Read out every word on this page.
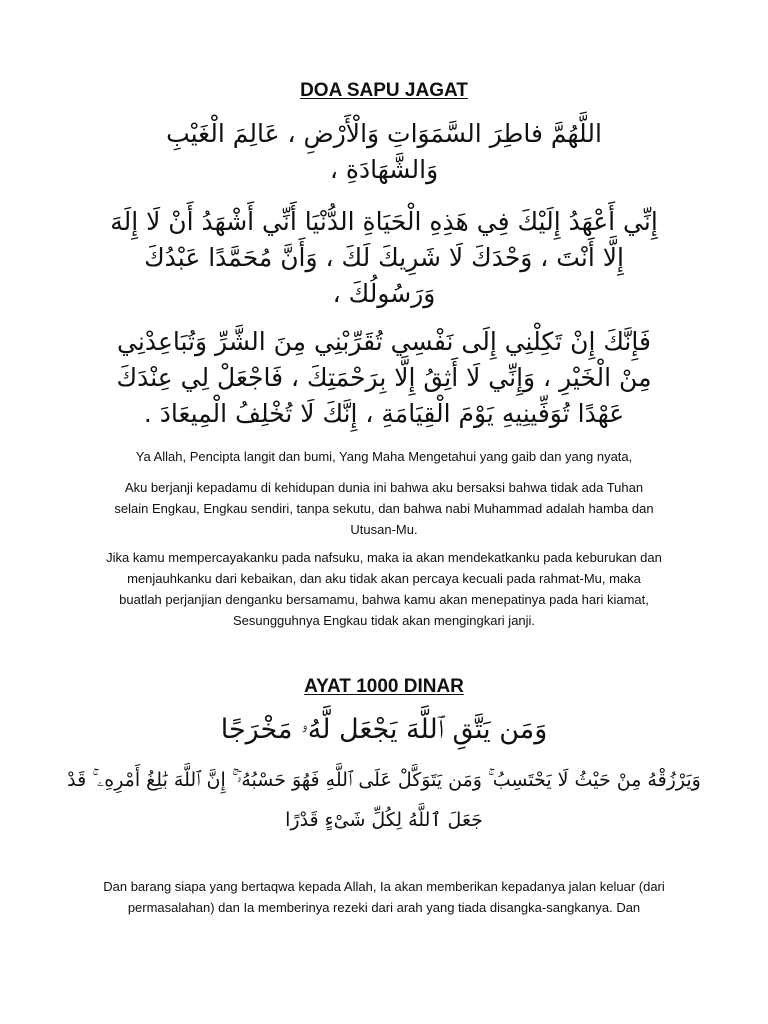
DOA SAPU JAGAT
اللَّهُمَّ فاطِرَ السَّمَوَاتِ وَالْأَرْضِ ، عَالِمَ الْغَيْبِ
وَالشَّهَادَةِ ،
إِنِّي أَعْهَدُ إِلَيْكَ فِي هَذِهِ الْحَيَاةِ الدُّنْيَا أَنِّي أَشْهَدُ أَنْ لَا إِلَهَ
إِلَّا أَنْتَ ، وَحْدَكَ لَا شَرِيكَ لَكَ ، وَأَنَّ مُحَمَّدًا عَبْدُكَ
وَرَسُولُكَ ،
فَإِنَّكَ إِنْ تَكِلْنِي إِلَى نَفْسِي تُقَرِّبْنِي مِنَ الشَّرِّ وَتُبَاعِدْنِي
مِنْ الْخَيْرِ ، وَإِنِّي لَا أَثِقُ إِلَّا بِرَحْمَتِكَ ، فَاجْعَلْ لِي عِنْدَكَ
عَهْدًا تُوَفِّينِيهِ يَوْمَ الْقِيَامَةِ ، إِنَّكَ لَا تُخْلِفُ الْمِيعَادَ .
Ya Allah, Pencipta langit dan bumi, Yang Maha Mengetahui yang gaib dan yang nyata,
Aku berjanji kepadamu di kehidupan dunia ini bahwa aku bersaksi bahwa tidak ada Tuhan
selain Engkau, Engkau sendiri, tanpa sekutu, dan bahwa nabi Muhammad adalah hamba dan
Utusan-Mu.
Jika kamu mempercayakanku pada nafsuku, maka ia akan mendekatkanku pada keburukan dan
menjauhkanku dari kebaikan, dan aku tidak akan percaya kecuali pada rahmat-Mu, maka
buatlah perjanjian denganku bersamamu, bahwa kamu akan menepatinya pada hari kiamat,
Sesungguhnya Engkau tidak akan mengingkari janji.
AYAT 1000 DINAR
وَمَن يَتَّقِ ٱللَّهَ يَجْعَل لَّهُۥ مَخْرَجًا
وَيَرْزُقْهُ مِنْ حَيْثُ لَا يَحْتَسِبُ ۚ وَمَن يَتَوَكَّلْ عَلَى ٱللَّهِ فَهُوَ حَسْبُهُۥٓ ۚ إِنَّ ٱللَّهَ بَٰلِغُ أَمْرِهِۦ ۚ قَدْ
جَعَلَ ٱللَّهُ لِكُلِّ شَىْءٍ قَدْرًا
Dan barang siapa yang bertaqwa kepada Allah, Ia akan memberikan kepadanya jalan keluar (dari
permasalahan) dan Ia memberinya rezeki dari arah yang tiada disangka-sangkanya. Dan
